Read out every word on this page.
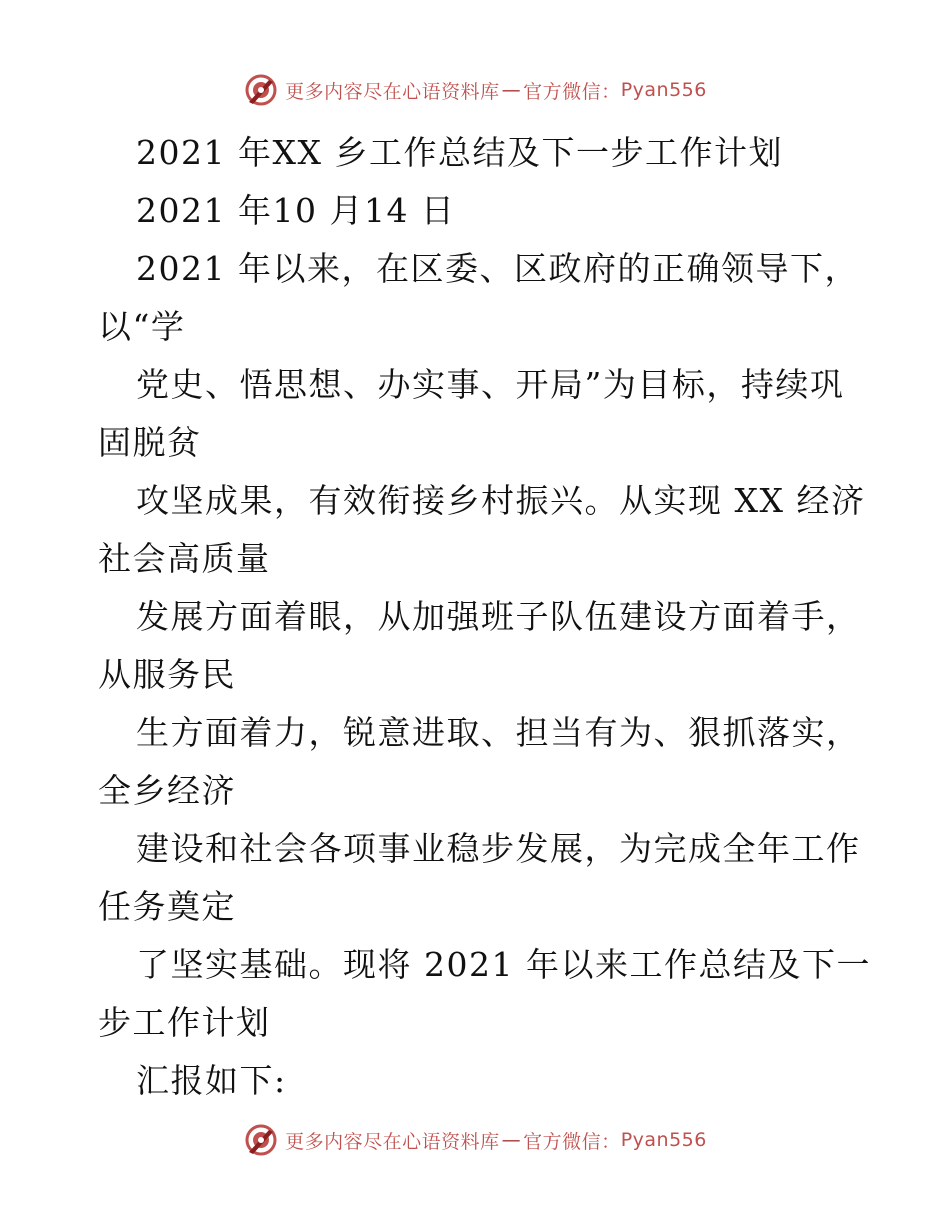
更多内容尽在心语资料库 — 官方微信： Pyan556
2021 年XX 乡工作总结及下一步工作计划
2021 年10 月14 日
2021 年以来，在区委、区政府的正确领导下，
以“学
党史、悟思想、办实事、开局”为目标，持续巩
固脱贫
攻坚成果，有效衔接乡村振兴。从实现 XX 经济
社会高质量
发展方面着眼，从加强班子队伍建设方面着手，
从服务民
生方面着力，锐意进取、担当有为、狠抓落实，
全乡经济
建设和社会各项事业稳步发展，为完成全年工作
任务奠定
了坚实基础。现将 2021 年以来工作总结及下一
步工作计划
汇报如下:
更多内容尽在心语资料库 — 官方微信： Pyan556
